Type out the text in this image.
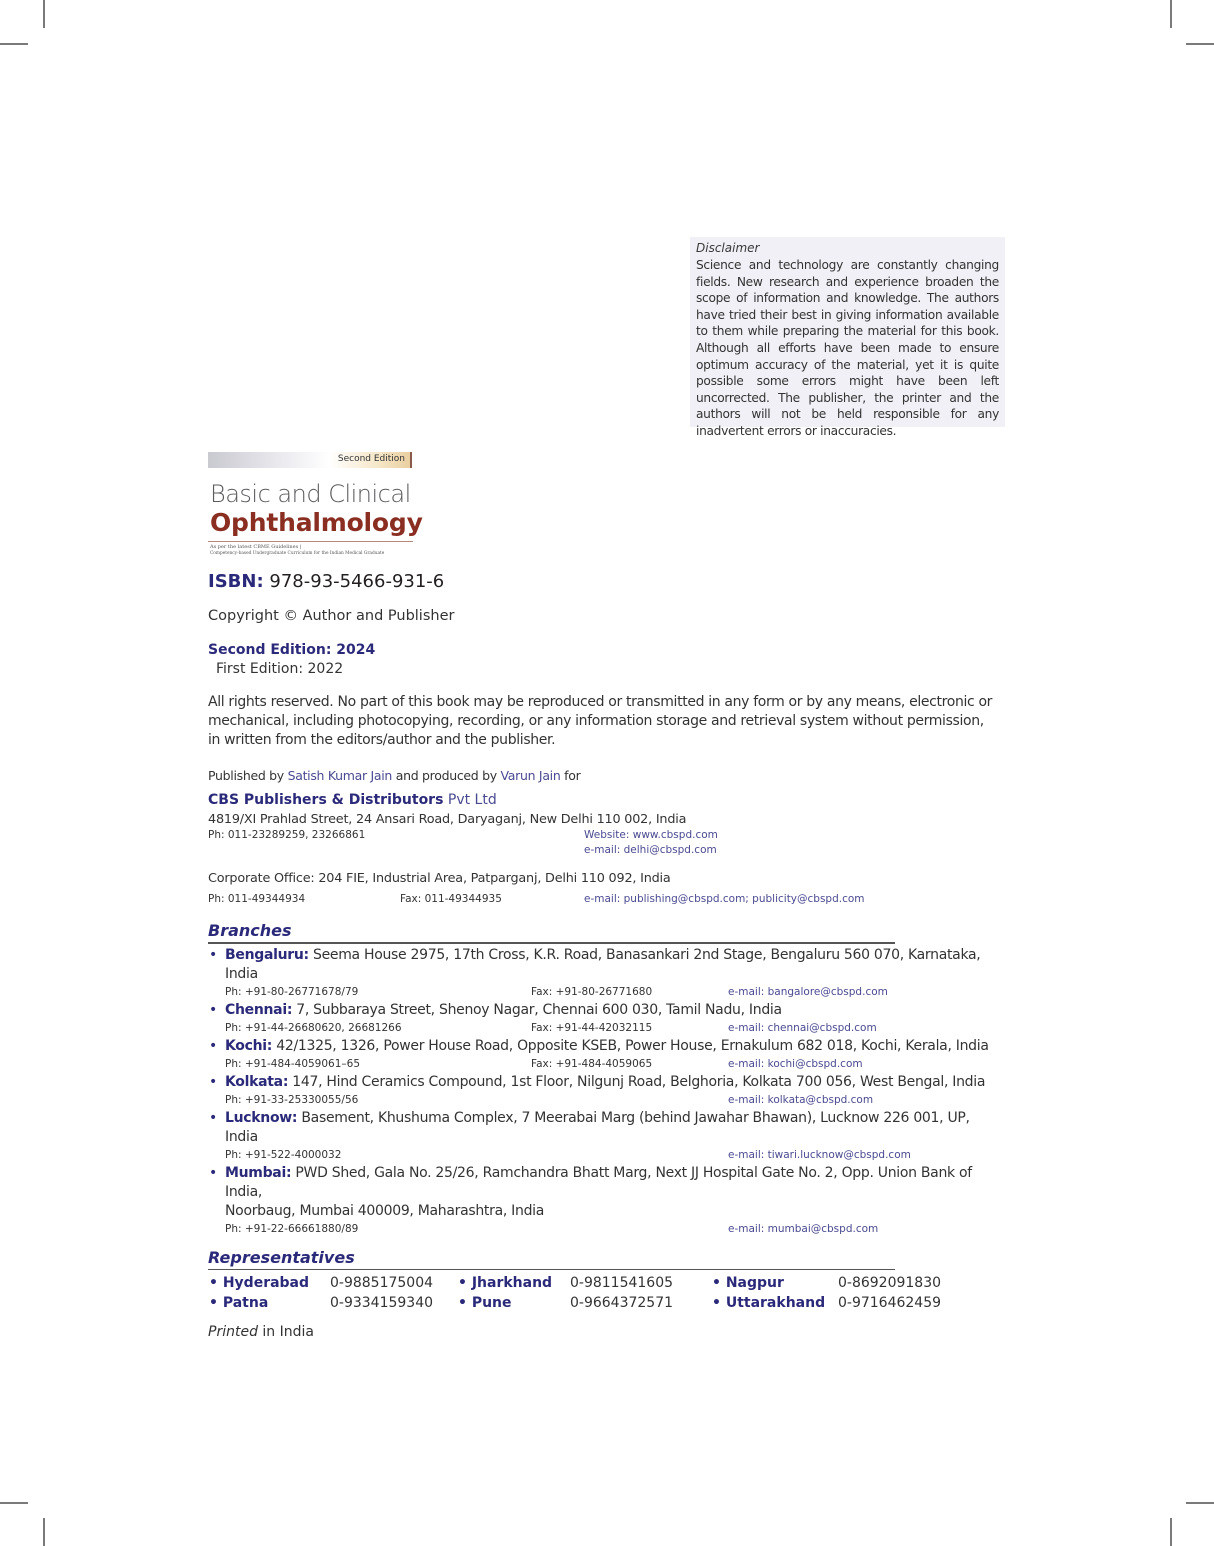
Disclaimer
Science and technology are constantly changing fields. New research and experience broaden the scope of information and knowledge. The authors have tried their best in giving information available to them while preparing the material for this book. Although all efforts have been made to ensure optimum accuracy of the material, yet it is quite possible some errors might have been left uncorrected. The publisher, the printer and the authors will not be held responsible for any inadvertent errors or inaccuracies.
Second Edition
Basic and Clinical
Ophthalmology
As per the latest CBME Guidelines |
Competency-based Undergraduate Curriculum for the Indian Medical Graduate
ISBN: 978-93-5466-931-6
Copyright © Author and Publisher
Second Edition: 2024
First Edition: 2022
All rights reserved. No part of this book may be reproduced or transmitted in any form or by any means, electronic or mechanical, including photocopying, recording, or any information storage and retrieval system without permission, in written from the editors/author and the publisher.
Published by Satish Kumar Jain and produced by Varun Jain for
CBS Publishers & Distributors Pvt Ltd
4819/XI Prahlad Street, 24 Ansari Road, Daryaganj, New Delhi 110 002, India
Ph: 011-23289259, 23266861	Website: www.cbspd.com
e-mail: delhi@cbspd.com
Corporate Office: 204 FIE, Industrial Area, Patparganj, Delhi 110 092, India
Ph: 011-49344934	Fax: 011-49344935	e-mail: publishing@cbspd.com; publicity@cbspd.com
Branches
• Bengaluru: Seema House 2975, 17th Cross, K.R. Road, Banasankari 2nd Stage, Bengaluru 560 070, Karnataka, India
Ph: +91-80-26771678/79	Fax: +91-80-26771680	e-mail: bangalore@cbspd.com
• Chennai: 7, Subbaraya Street, Shenoy Nagar, Chennai 600 030, Tamil Nadu, India
Ph: +91-44-26680620, 26681266	Fax: +91-44-42032115	e-mail: chennai@cbspd.com
• Kochi: 42/1325, 1326, Power House Road, Opposite KSEB, Power House, Ernakulum 682 018, Kochi, Kerala, India
Ph: +91-484-4059061–65	Fax: +91-484-4059065	e-mail: kochi@cbspd.com
• Kolkata: 147, Hind Ceramics Compound, 1st Floor, Nilgunj Road, Belghoria, Kolkata 700 056, West Bengal, India
Ph: +91-33-25330055/56	e-mail: kolkata@cbspd.com
• Lucknow: Basement, Khushuma Complex, 7 Meerabai Marg (behind Jawahar Bhawan), Lucknow 226 001, UP, India
Ph: +91-522-4000032	e-mail: tiwari.lucknow@cbspd.com
• Mumbai: PWD Shed, Gala No. 25/26, Ramchandra Bhatt Marg, Next JJ Hospital Gate No. 2, Opp. Union Bank of India,
Noorbaug, Mumbai 400009, Maharashtra, India
Ph: +91-22-66661880/89	e-mail: mumbai@cbspd.com
Representatives
• Hyderabad 0-9885175004 • Jharkhand 0-9811541605	• Nagpur	0-8692091830
• Patna	0-9334159340 • Pune	0-9664372571	• Uttarakhand 0-9716462459
Printed in India
